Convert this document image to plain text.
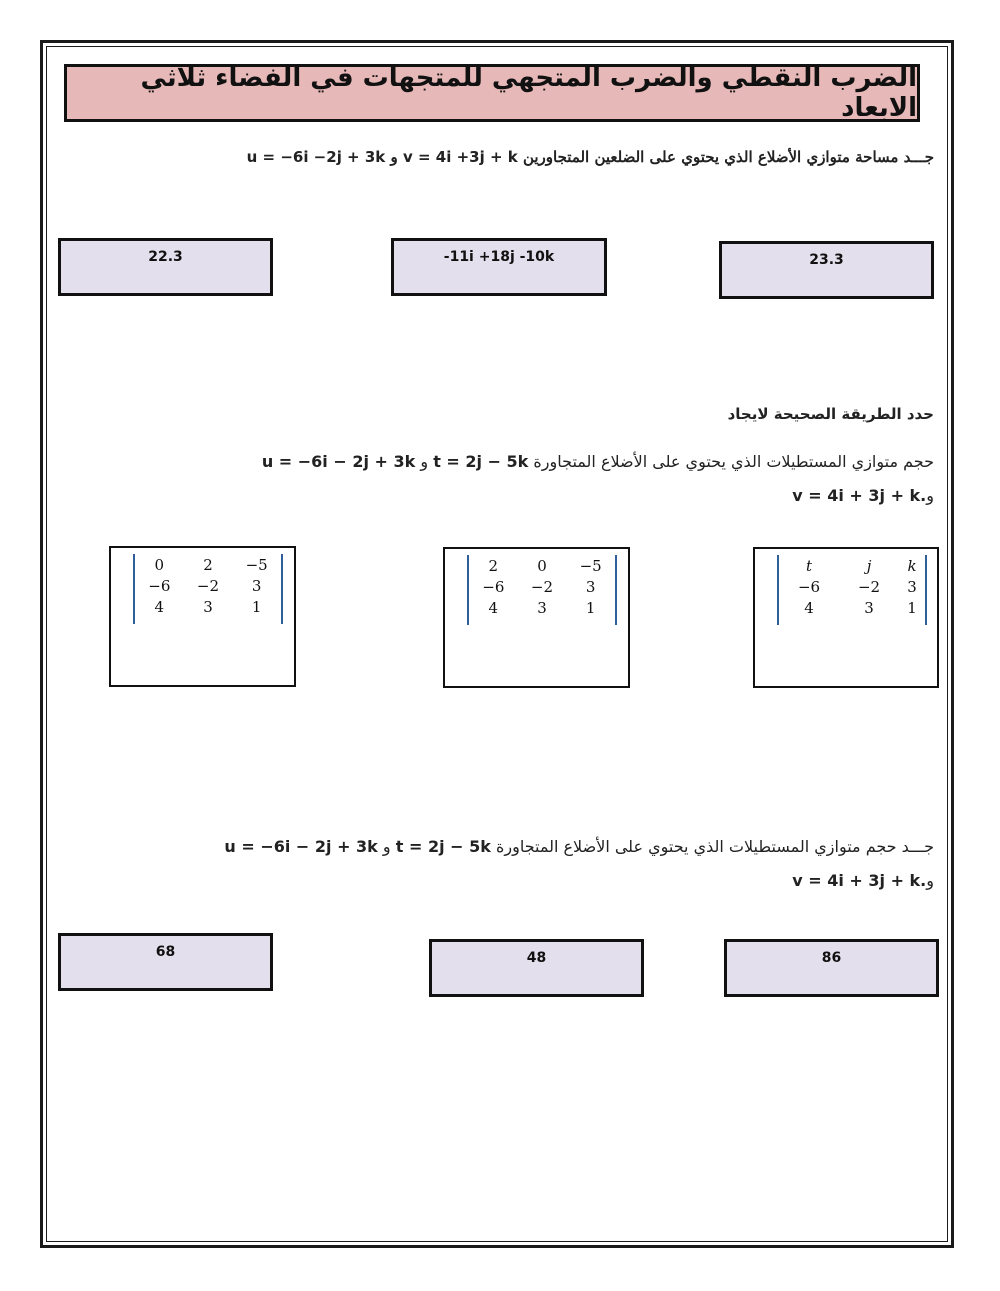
الضرب النقطي والضرب المتجهي للمتجهات في الفضاء ثلاثي الابعاد
جـــد مساحة متوازي الأضلاع الذي يحتوي على الضلعين المتجاورين v = 4i +3j + k و u = −6i −2j + 3k
23.3
-11i +18j -10k
22.3
حدد الطريقة الصحيحة لايجاد
حجم متوازي المستطيلات الذي يحتوي على الأضلاع المتجاورة t = 2j − 5k و u = −6i − 2j + 3k
وv = 4i + 3j + k.
t	j	k
−6	−2	3
4	3	1
2	0	−5
−6	−2	3
4	3	1
0	2	−5
−6	−2	3
4	3	1
جـــد حجم متوازي المستطيلات الذي يحتوي على الأضلاع المتجاورة t = 2j − 5k و u = −6i − 2j + 3k
وv = 4i + 3j + k.
86
48
68
